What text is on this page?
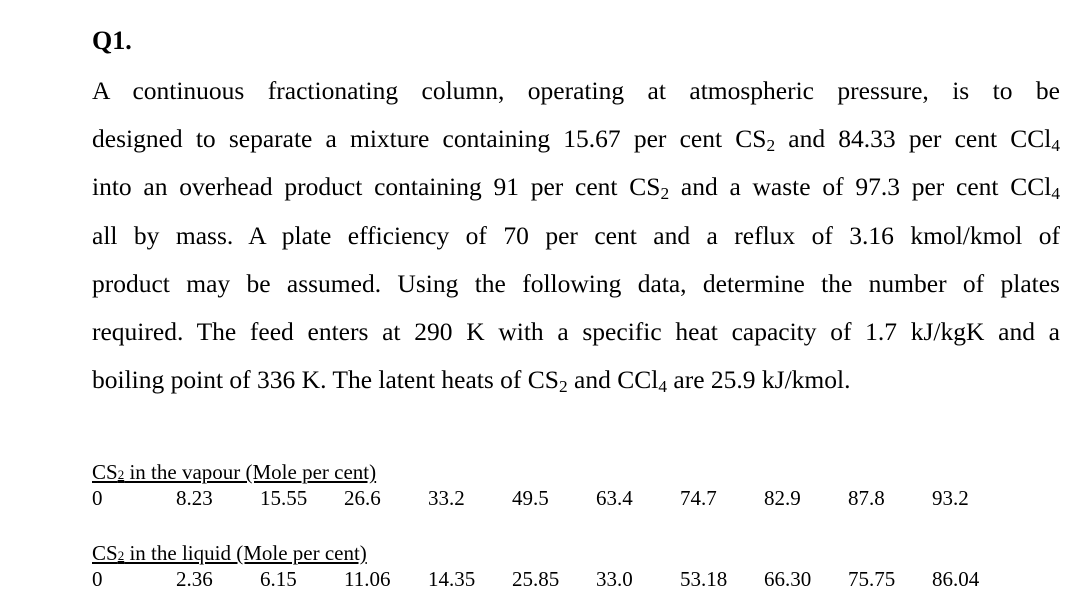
Q1.
A continuous fractionating column, operating at atmospheric pressure, is to be
designed to separate a mixture containing 15.67 per cent $CS_2$ and 84.33 per cent CCl$_4$
into an overhead product containing 91 per cent $CS_2$ and a waste of 97.3 per cent CCl$_4$
all by mass. A plate efficiency of 70 per cent and a reflux of 3.16 kmol/kmol of
product may be assumed. Using the following data, determine the number of plates
required. The feed enters at 290 K with a specific heat capacity of 1.7 kJ/kgK and a
boiling point of 336 K. The latent heats of $CS_2$ and CCl$_4$ are 25.9 kJ/kmol.
CS2 in the vapour (Mole per cent)
0	8.23 15.55 26.6 33.2 49.5 63.4 74.7 82.9 87.8 93.2
CS2 in the liquid (Mole per cent)
0	2.36 6.15 11.06 14.35 25.85 33.0 53.18 66.30 75.75 86.04
